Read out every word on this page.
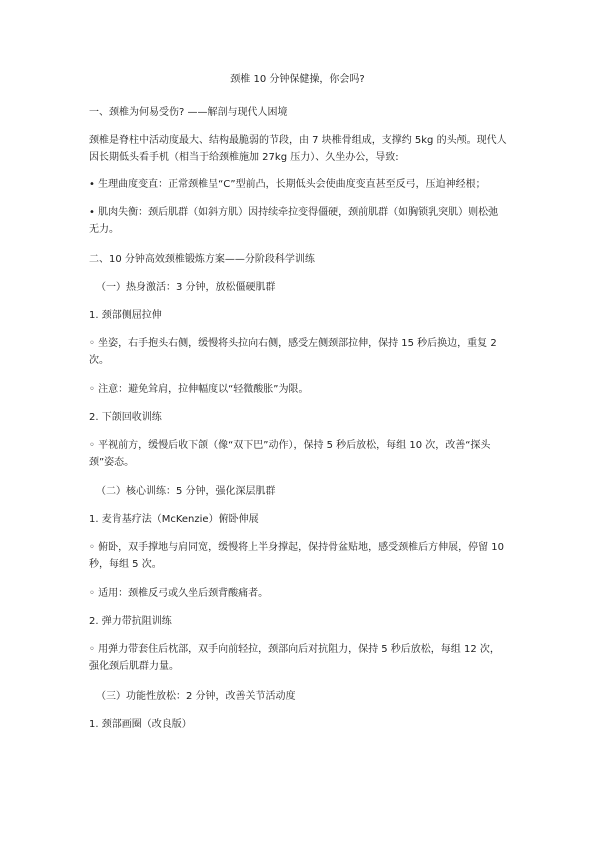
颈椎 10 分钟保健操，你会吗?
一、颈椎为何易受伤? ——解剖与现代人困境
颈椎是脊柱中活动度最大、结构最脆弱的节段，由 7 块椎骨组成，支撑约 5kg 的头颅。现代人因长期低头看手机（相当于给颈椎施加 27kg 压力）、久坐办公，导致:
• 生理曲度变直：正常颈椎呈“C”型前凸，长期低头会使曲度变直甚至反弓，压迫神经根；
• 肌肉失衡：颈后肌群（如斜方肌）因持续牵拉变得僵硬，颈前肌群（如胸锁乳突肌）则松弛无力。
二、10 分钟高效颈椎锻炼方案——分阶段科学训练
（一）热身激活：3 分钟，放松僵硬肌群
1. 颈部侧屈拉伸
◦ 坐姿，右手抱头右侧，缓慢将头拉向右侧，感受左侧颈部拉伸，保持 15 秒后换边，重复 2 次。
◦ 注意：避免耸肩，拉伸幅度以“轻微酸胀”为限。
2. 下颌回收训练
◦ 平视前方，缓慢后收下颌（像“双下巴”动作），保持 5 秒后放松，每组 10 次，改善“探头颈”姿态。
（二）核心训练：5 分钟，强化深层肌群
1. 麦肯基疗法（McKenzie）俯卧伸展
◦ 俯卧，双手撑地与肩同宽，缓慢将上半身撑起，保持骨盆贴地，感受颈椎后方伸展，停留 10 秒，每组 5 次。
◦ 适用：颈椎反弓或久坐后颈背酸痛者。
2. 弹力带抗阻训练
◦ 用弹力带套住后枕部，双手向前轻拉，颈部向后对抗阻力，保持 5 秒后放松，每组 12 次，强化颈后肌群力量。
（三）功能性放松：2 分钟，改善关节活动度
1. 颈部画圈（改良版）
